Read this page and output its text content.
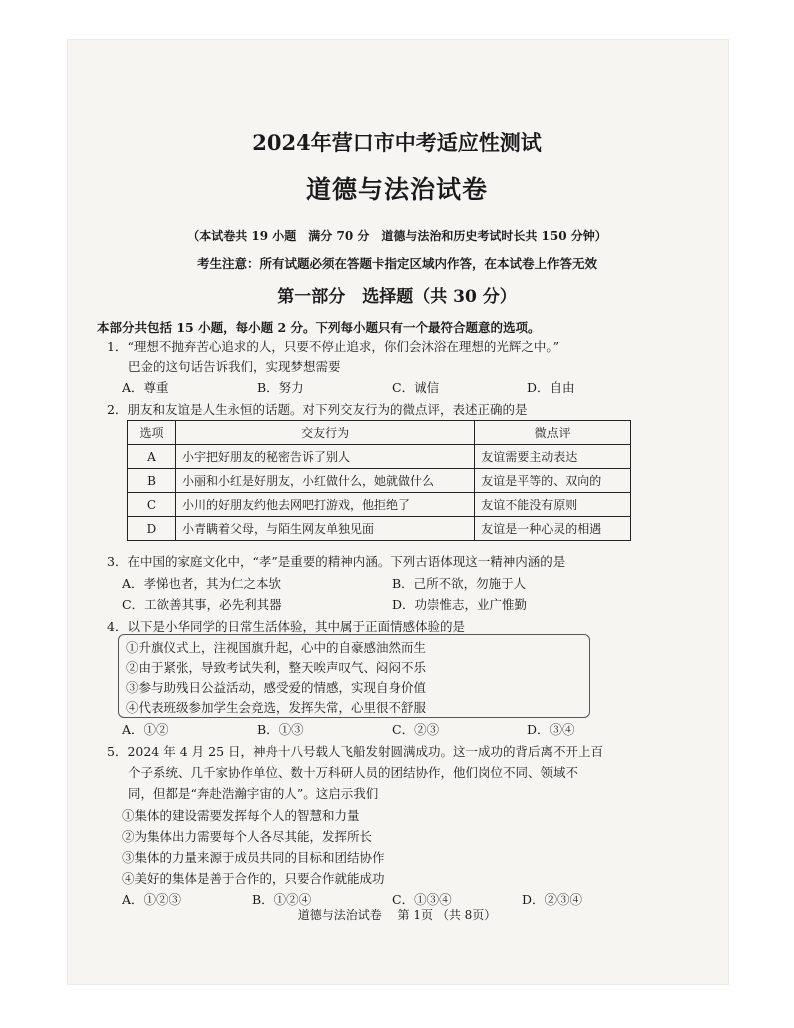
2024年营口市中考适应性测试
道德与法治试卷
（本试卷共 19 小题　满分 70 分　道德与法治和历史考试时长共 150 分钟）
考生注意：所有试题必须在答题卡指定区域内作答，在本试卷上作答无效
第一部分　选择题（共 30 分）
本部分共包括 15 小题，每小题 2 分。下列每小题只有一个最符合题意的选项。
1．“理想不抛弃苦心追求的人，只要不停止追求，你们会沐浴在理想的光辉之中。”
巴金的这句话告诉我们，实现梦想需要
A．尊重	B．努力	C．诚信	D．自由
2．朋友和友谊是人生永恒的话题。对下列交友行为的微点评，表述正确的是
选项	交友行为	微点评
A	小宇把好朋友的秘密告诉了别人	友谊需要主动表达
B	小丽和小红是好朋友，小红做什么，她就做什么	友谊是平等的、双向的
C	小川的好朋友约他去网吧打游戏，他拒绝了	友谊不能没有原则
D	小青瞒着父母，与陌生网友单独见面	友谊是一种心灵的相遇
3．在中国的家庭文化中，“孝”是重要的精神内涵。下列古语体现这一精神内涵的是
A．孝悌也者，其为仁之本欤	B．己所不欲，勿施于人
C．工欲善其事，必先利其器	D．功崇惟志，业广惟勤
4．以下是小华同学的日常生活体验，其中属于正面情感体验的是
①升旗仪式上，注视国旗升起，心中的自豪感油然而生
②由于紧张，导致考试失利，整天唉声叹气、闷闷不乐
③参与助残日公益活动，感受爱的情感，实现自身价值
④代表班级参加学生会竞选，发挥失常，心里很不舒服
A．①②	B．①③	C．②③	D．③④
5．2024 年 4 月 25 日，神舟十八号载人飞船发射圆满成功。这一成功的背后离不开上百
个子系统、几千家协作单位、数十万科研人员的团结协作，他们岗位不同、领域不
同，但都是“奔赴浩瀚宇宙的人”。这启示我们
①集体的建设需要发挥每个人的智慧和力量
②为集体出力需要每个人各尽其能，发挥所长
③集体的力量来源于成员共同的目标和团结协作
④美好的集体是善于合作的，只要合作就能成功
A．①②③	B．①②④	C．①③④	D．②③④
道德与法治试卷　 第 1页 （共 8页）
